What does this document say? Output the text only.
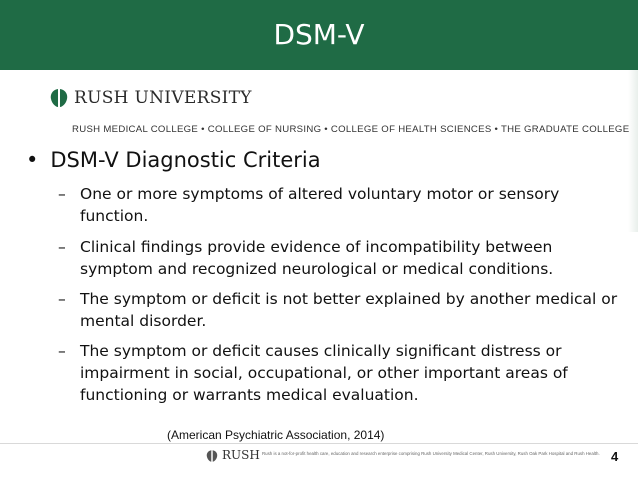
DSM-V
RUSH UNIVERSITY
RUSH MEDICAL COLLEGE • COLLEGE OF NURSING • COLLEGE OF HEALTH SCIENCES • THE GRADUATE COLLEGE
• DSM-V Diagnostic Criteria
– One or more symptoms of altered voluntary motor or sensory function.
– Clinical findings provide evidence of incompatibility between symptom and recognized neurological or medical conditions.
– The symptom or deficit is not better explained by another medical or mental disorder.
– The symptom or deficit causes clinically significant distress or impairment in social, occupational, or other important areas of functioning or warrants medical evaluation.
(American Psychiatric Association, 2014)
RUSH Rush is a not-for-profit health care, education and research enterprise comprising Rush University Medical Center, Rush University, Rush Oak Park Hospital and Rush Health. 4
